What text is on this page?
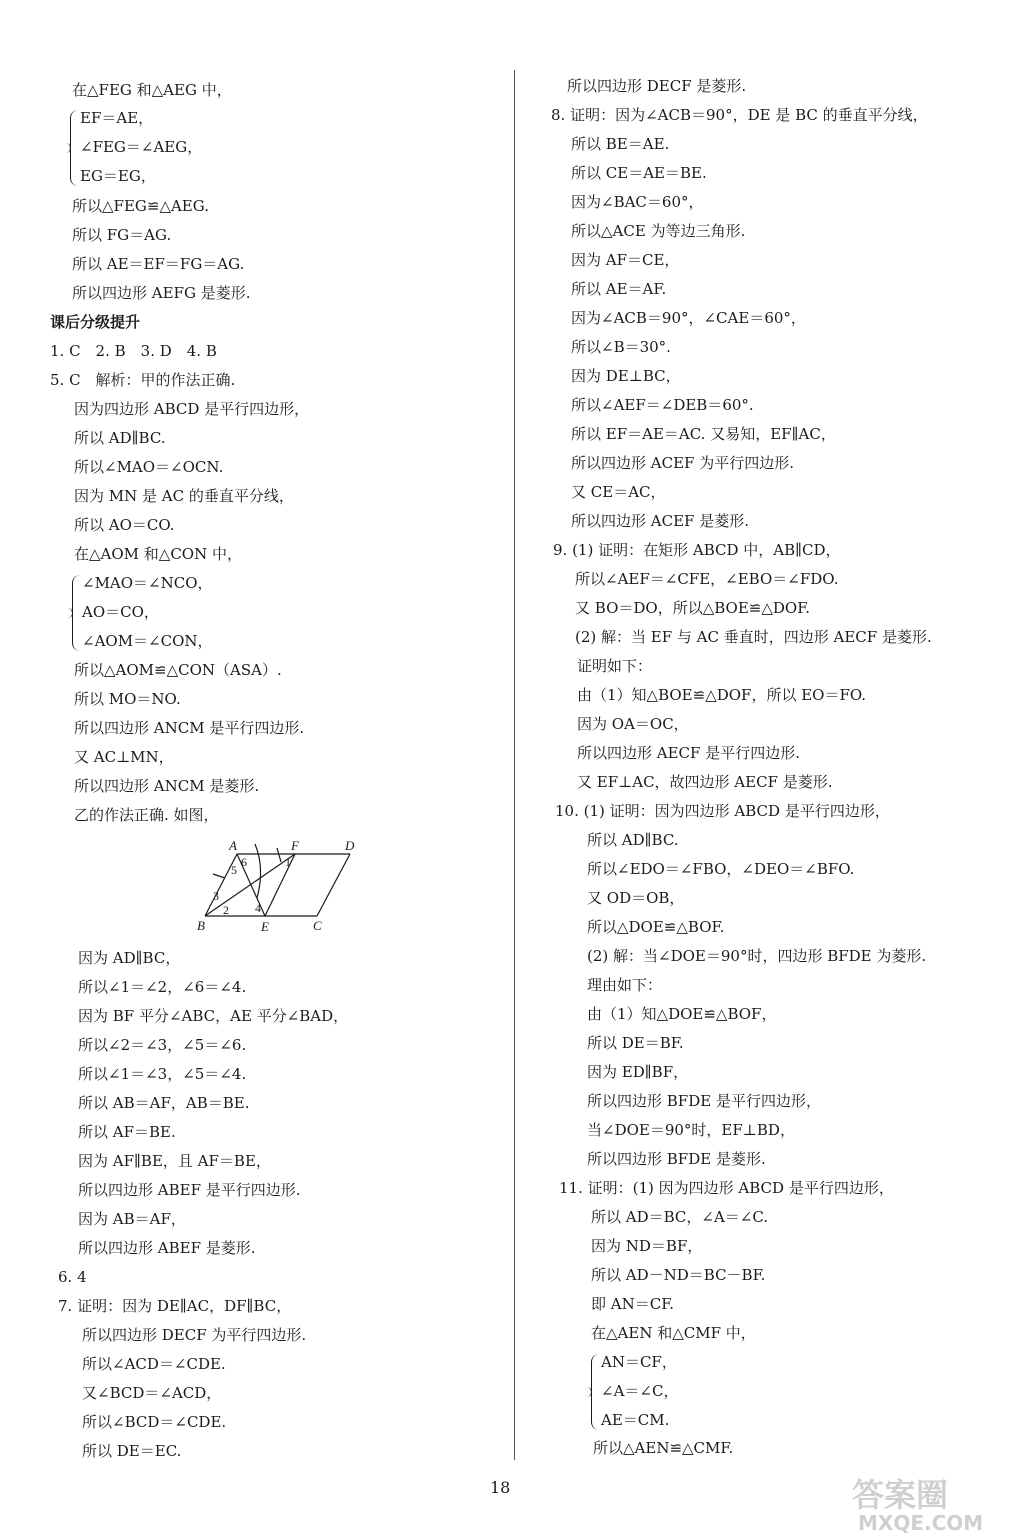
在△FEG 和△AEG 中，
EF＝AE，
∠FEG＝∠AEG，
EG＝EG，
所以△FEG≌△AEG.
所以 FG＝AG.
所以 AE＝EF＝FG＝AG.
所以四边形 AEFG 是菱形.
课后分级提升
1. C　2. B　3. D　4. B
5. C　解析：甲的作法正确.
因为四边形 ABCD 是平行四边形，
所以 AD∥BC.
所以∠MAO＝∠OCN.
因为 MN 是 AC 的垂直平分线，
所以 AO＝CO.
在△AOM 和△CON 中，
∠MAO＝∠NCO，
AO＝CO，
∠AOM＝∠CON，
所以△AOM≌△CON（ASA）.
所以 MO＝NO.
所以四边形 ANCM 是平行四边形.
又 AC⊥MN，
所以四边形 ANCM 是菱形.
乙的作法正确. 如图，
A	F	D
B	E	C
1
2
3
4
5
6
因为 AD∥BC，
所以∠1＝∠2，∠6＝∠4.
因为 BF 平分∠ABC，AE 平分∠BAD，
所以∠2＝∠3，∠5＝∠6.
所以∠1＝∠3，∠5＝∠4.
所以 AB＝AF，AB＝BE.
所以 AF＝BE.
因为 AF∥BE，且 AF＝BE，
所以四边形 ABEF 是平行四边形.
因为 AB＝AF，
所以四边形 ABEF 是菱形.
6. 4
7. 证明：因为 DE∥AC，DF∥BC，
所以四边形 DECF 为平行四边形.
所以∠ACD＝∠CDE.
又∠BCD＝∠ACD，
所以∠BCD＝∠CDE.
所以 DE＝EC.
所以四边形 DECF 是菱形.
8. 证明：因为∠ACB＝90°，DE 是 BC 的垂直平分线，
所以 BE＝AE.
所以 CE＝AE＝BE.
因为∠BAC＝60°，
所以△ACE 为等边三角形.
因为 AF＝CE，
所以 AE＝AF.
因为∠ACB＝90°，∠CAE＝60°，
所以∠B＝30°.
因为 DE⊥BC，
所以∠AEF＝∠DEB＝60°.
所以 EF＝AE＝AC. 又易知，EF∥AC，
所以四边形 ACEF 为平行四边形.
又 CE＝AC，
所以四边形 ACEF 是菱形.
9. (1) 证明：在矩形 ABCD 中，AB∥CD，
所以∠AEF＝∠CFE，∠EBO＝∠FDO.
又 BO＝DO，所以△BOE≌△DOF.
(2) 解：当 EF 与 AC 垂直时，四边形 AECF 是菱形.
证明如下：
由（1）知△BOE≌△DOF，所以 EO＝FO.
因为 OA＝OC，
所以四边形 AECF 是平行四边形.
又 EF⊥AC，故四边形 AECF 是菱形.
10. (1) 证明：因为四边形 ABCD 是平行四边形，
所以 AD∥BC.
所以∠EDO＝∠FBO，∠DEO＝∠BFO.
又 OD＝OB，
所以△DOE≌△BOF.
(2) 解：当∠DOE＝90°时，四边形 BFDE 为菱形.
理由如下：
由（1）知△DOE≌△BOF，
所以 DE＝BF.
因为 ED∥BF，
所以四边形 BFDE 是平行四边形，
当∠DOE＝90°时，EF⊥BD，
所以四边形 BFDE 是菱形.
11. 证明：(1) 因为四边形 ABCD 是平行四边形，
所以 AD＝BC，∠A＝∠C.
因为 ND＝BF，
所以 AD－ND＝BC－BF.
即 AN＝CF.
在△AEN 和△CMF 中，
AN＝CF，
∠A＝∠C，
AE＝CM.
所以△AEN≌△CMF.
18	答案圈
MXQE.COM
